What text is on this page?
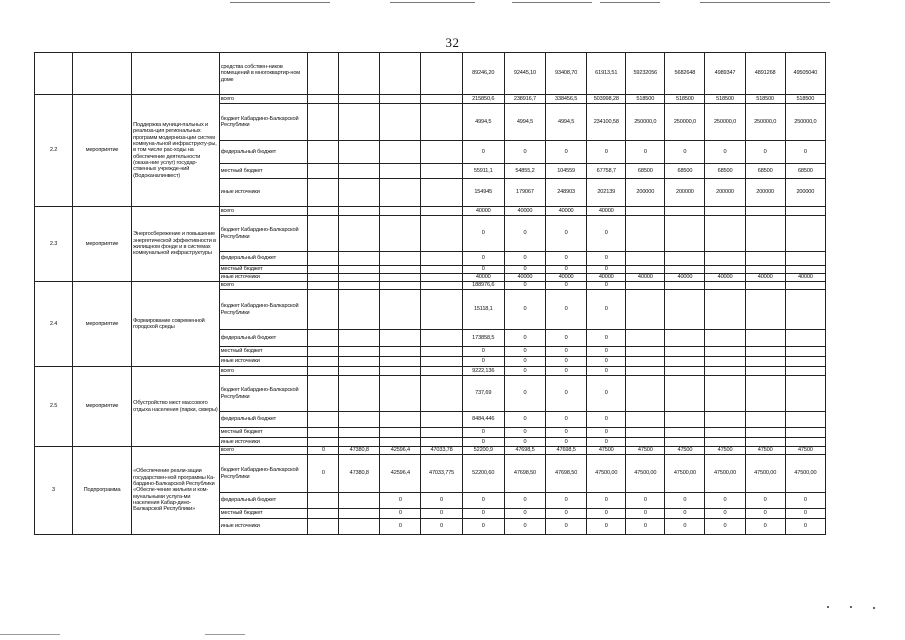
32
			средства собствен-ников помещений в многоквартир-ном доме					89246,20	92445,10	93408,70	61913,51	59232056	5682648	4989347	4891268	49505040
2.2	мероприятие	Поддержка муници-пальных и реализа-ция региональных программ модерниза-ции систем коммуна-льной инфраструкту-ры, в том числе рас-ходы на обеспечение деятельности (оказа-ние услуг) государ-ственных учрежде-ний (Водоканалинвест)	всего					215850,6	238916,7	338456,5	503998,28	518500	518500	518500	518500	518500
			бюджет Кабардино-Балкарской Республики					4994,5	4994,5	4994,5	234100,58	250000,0	250000,0	250000,0	250000,0	250000,0
			федеральный бюджет					0	0	0	0	0	0	0	0	0
			местный бюджет					55911,1	54855,2	104559	67758,7	68500	68500	68500	68500	68500
			иные источники					154945	179067	248903	202139	200000	200000	200000	200000	200000
2.3	мероприятие	Энергосбережение и повышение энергетической эффективности в жилищном фонде и в системах коммунальной инфраструктуры	всего					40000	40000	40000	40000					
			бюджет Кабардино-Балкарской Республики					0	0	0	0					
			федеральный бюджет					0	0	0	0					
			местный бюджет					0	0	0	0					
			иные источники					40000	40000	40000	40000	40000	40000	40000	40000	40000
2.4	мероприятие	Формирование современной городской среды	всего					188976,6	0	0	0					
			бюджет Кабардино-Балкарской Республики					15118,1	0	0	0					
			федеральный бюджет					173858,5	0	0	0					
			местный бюджет					0	0	0	0					
			иные источники					0	0	0	0					
2.5	мероприятие	Обустройство мест массового отдыха населения (парки, скверы)	всего					9222,136	0	0	0					
			бюджет Кабардино-Балкарской Республики					737,69	0	0	0					
			федеральный бюджет					8484,446	0	0	0					
			местный бюджет					0	0	0	0					
			иные источники					0	0	0	0					
3	Подпрограмма	«Обеспечение реали-зации государствен-ной программы Ка-бардино-Балкарской Республики «Обеспе-чение жильем и ком-мунальными услуга-ми населения Кабар-дино-Балкарской Республики»	всего	0	47380,8	42596,4	47033,78	52200,9	47698,5	47698,5	47500	47500	47500	47500	47500	47500
			бюджет Кабардино-Балкарской Республики	0	47380,8	42596,4	47033,775	52200,60	47698,50	47698,50	47500,00	47500,00	47500,00	47500,00	47500,00	47500,00
			федеральный бюджет			0	0	0	0	0	0	0	0	0	0	0
			местный бюджет			0	0	0	0	0	0	0	0	0	0	0
			иные источники			0	0	0	0	0	0	0	0	0	0	0
